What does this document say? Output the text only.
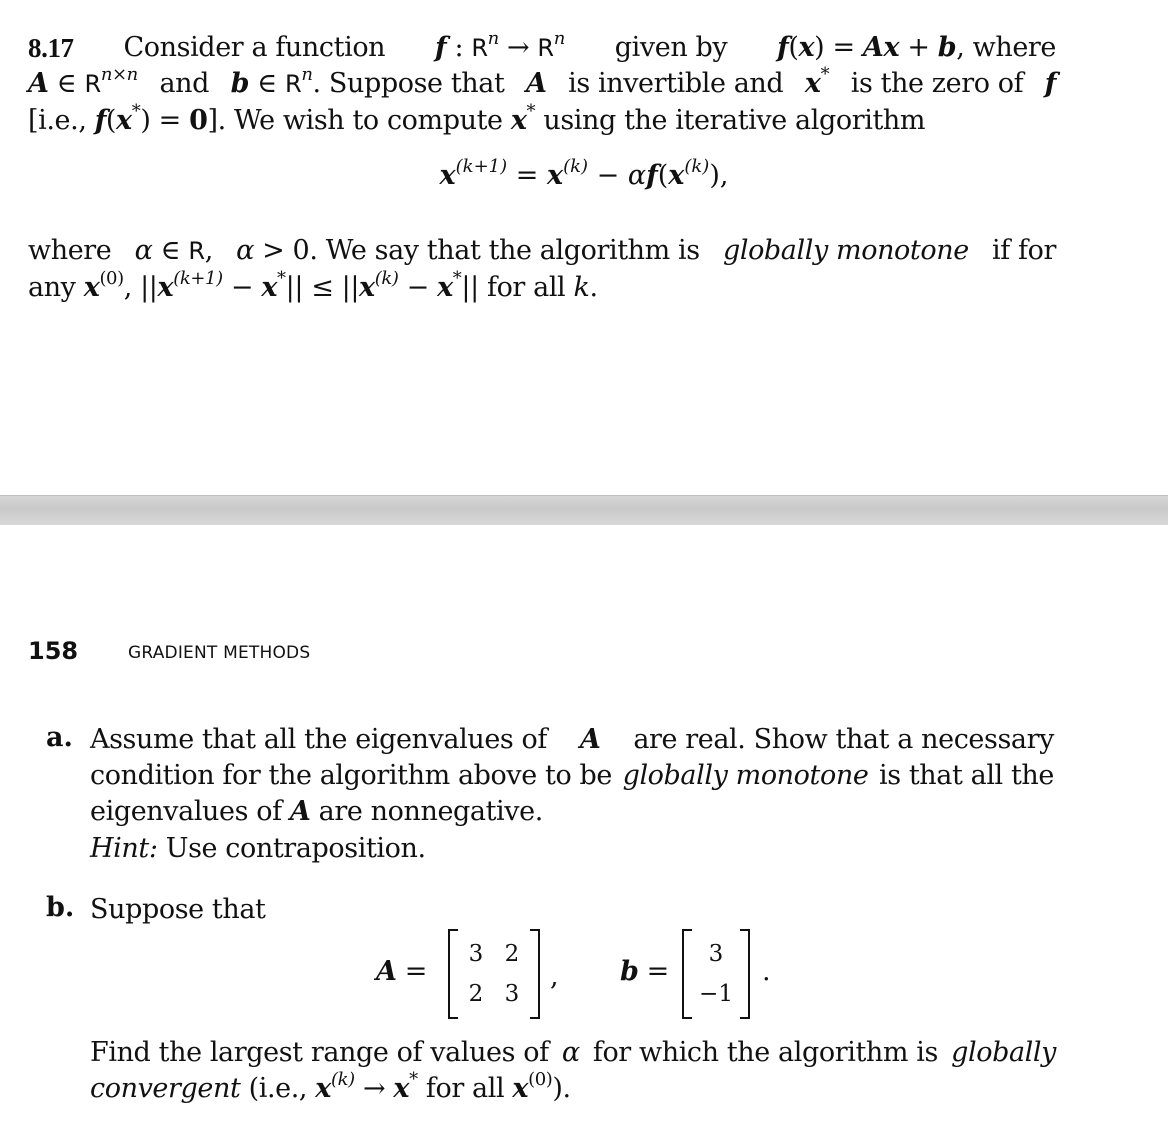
8.17 Consider a function f : $R^n \to R^n$ given by f(x) = Ax + b, where
A ∈ $R^{n\times n}$ and b ∈ $R^n$. Suppose that A is invertible and x* is the zero of f
[i.e., f(x*) = 0]. We wish to compute x* using the iterative algorithm
$x^{(k+1)} = x^{(k)} - \alpha f(x^{(k)})$,
where α ∈ R, α > 0. We say that the algorithm is globally monotone if for
any $x^{(0)}$, $||x^{(k+1)} - x^*|| \le ||x^{(k)} - x^*||$ for all k.
158	GRADIENT METHODS
a. Assume that all the eigenvalues of A are real. Show that a necessary
condition for the algorithm above to be globally monotone is that all the
eigenvalues of A are nonnegative.
Hint: Use contraposition.
b. Suppose that
A =
3 2
2 3
, b =
3
−1
.
Find the largest range of values of α for which the algorithm is globally
convergent (i.e., $x^{(k)} \to x^*$ for all $x^{(0)}$).
